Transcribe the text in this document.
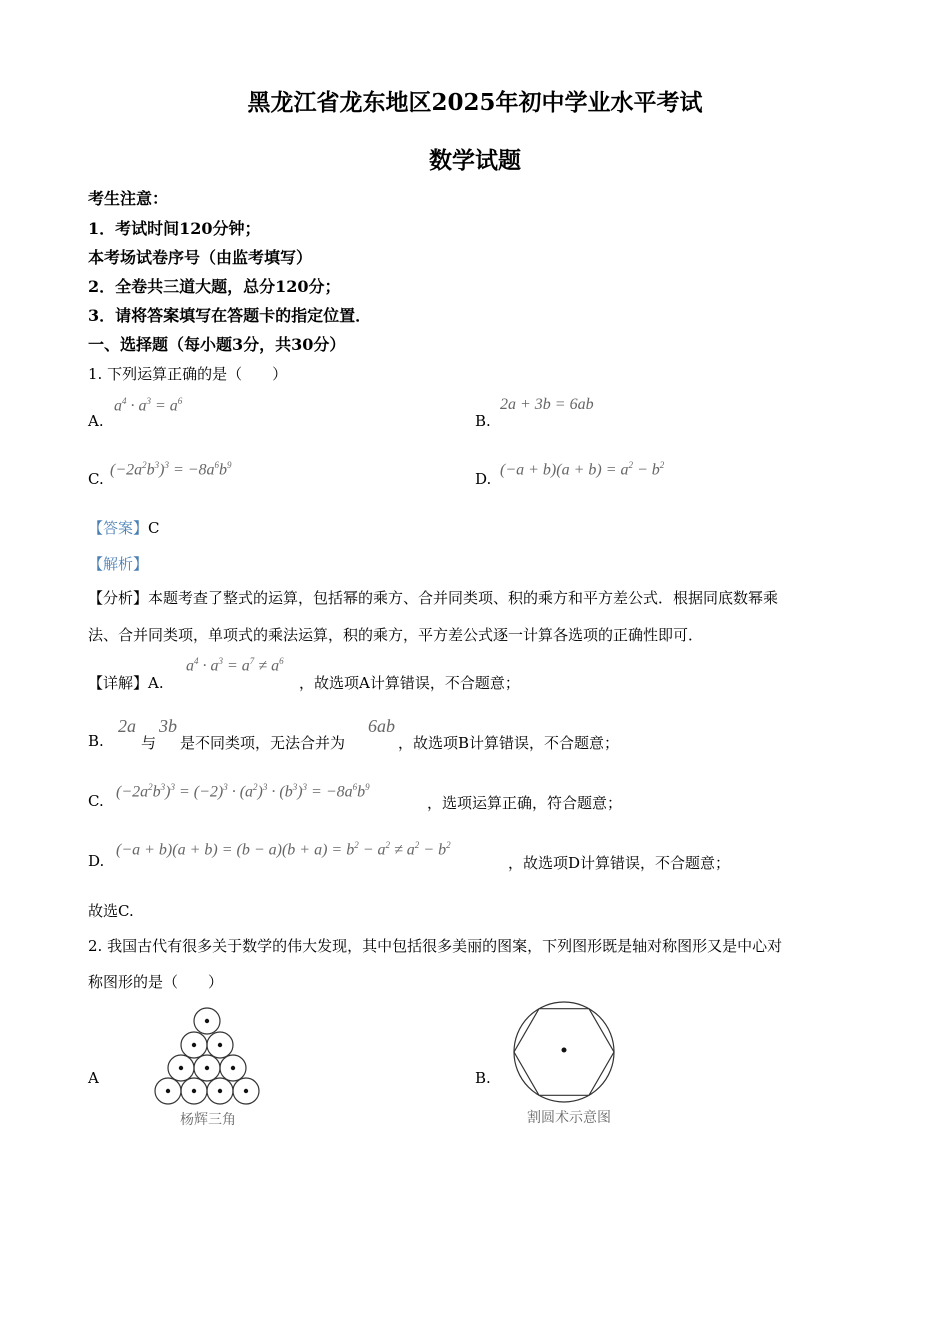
黑龙江省龙东地区2025年初中学业水平考试
数学试题
考生注意：
1．考试时间120分钟；
本考场试卷序号（由监考填写）
2．全卷共三道大题，总分120分；
3．请将答案填写在答题卡的指定位置．
一、选择题（每小题3分，共30分）
1. 下列运算正确的是（　　）
A.
$a^4 \cdot a^3 = a^6$
B.
2a + 3b = 6ab
C.
$(-2a^2b^3)^3 = -8a^6b^9$
D.
$(-a + b)(a + b) = a^2 - b^2$
【答案】C
【解析】
【分析】本题考查了整式的运算，包括幂的乘方、合并同类项、积的乘方和平方差公式．根据同底数幂乘
法、合并同类项，单项式的乘法运算，积的乘方，平方差公式逐一计算各选项的正确性即可．
【详解】A.
$a^4 \cdot a^3 = a^7 \ne a^6$
，故选项A计算错误，不合题意；
B.
2a
与
3b
是不同类项，无法合并为
6ab
，故选项B计算错误，不合题意；
C.
$(-2a^2b^3)^3 = (-2)^3 \cdot (a^2)^3 \cdot (b^3)^3 = -8a^6b^9$
，选项运算正确，符合题意；
D.
$(-a + b)(a + b) = (b - a)(b + a) = b^2 - a^2 \ne a^2 - b^2$
，故选项D计算错误，不合题意；
故选C.
2. 我国古代有很多关于数学的伟大发现，其中包括很多美丽的图案，下列图形既是轴对称图形又是中心对
称图形的是（　　）
A
杨辉三角
B.
割圆术示意图
